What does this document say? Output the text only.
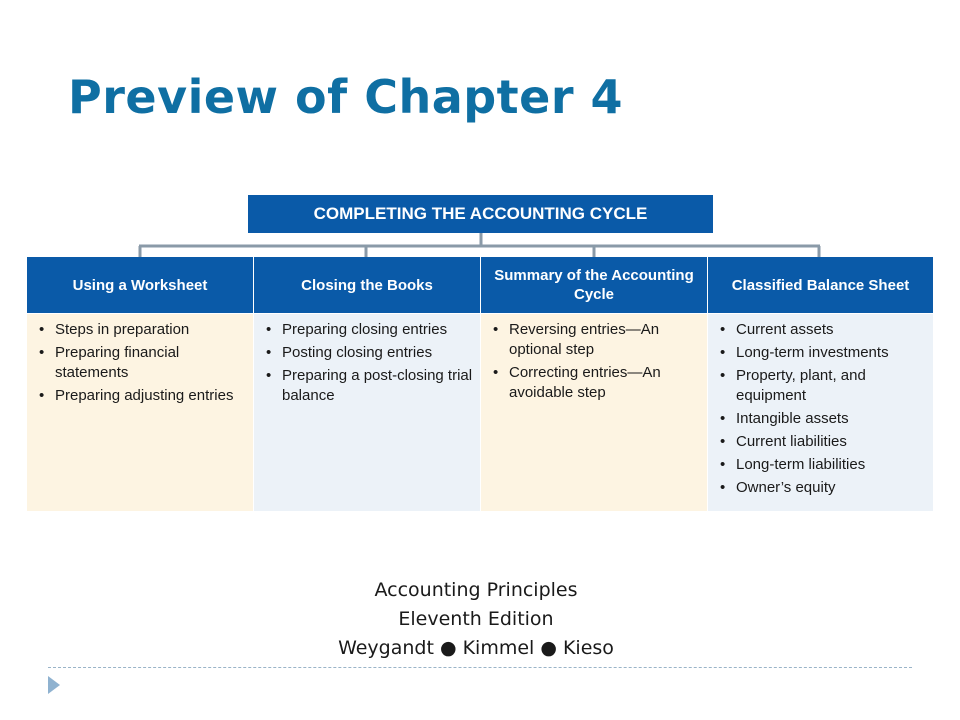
Preview of Chapter 4
COMPLETING THE ACCOUNTING CYCLE
Using a Worksheet
• Steps in preparation
• Preparing financial statements
• Preparing adjusting entries
Closing the Books
• Preparing closing entries
• Posting closing entries
• Preparing a post-closing trial balance
Summary of the Accounting Cycle
• Reversing entries—An optional step
• Correcting entries—An avoidable step
Classified Balance Sheet
• Current assets
• Long-term investments
• Property, plant, and equipment
• Intangible assets
• Current liabilities
• Long-term liabilities
• Owner’s equity
Accounting Principles
Eleventh Edition
Weygandt ● Kimmel ● Kieso
